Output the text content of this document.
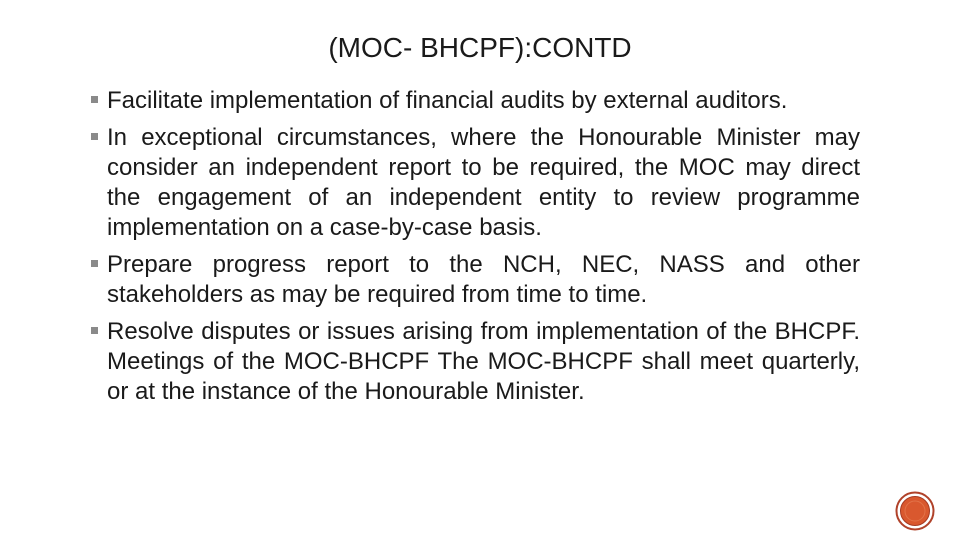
(MOC- BHCPF):CONTD
Facilitate implementation of financial audits by external auditors.
In exceptional circumstances, where the Honourable Minister may consider an independent report to be required, the MOC may direct the engagement of an independent entity to review programme implementation on a case-by-case basis.
Prepare progress report to the NCH, NEC, NASS and other stakeholders as may be required from time to time.
Resolve disputes or issues arising from implementation of the BHCPF. Meetings of the MOC-BHCPF The MOC-BHCPF shall meet quarterly, or at the instance of the Honourable Minister.
